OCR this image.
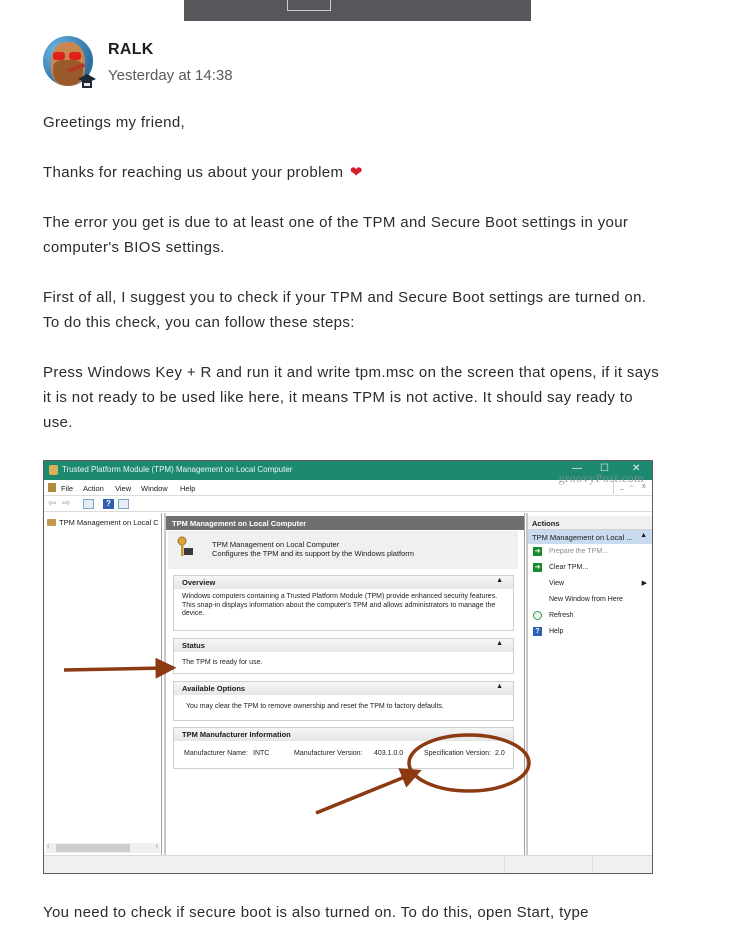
RALK
Yesterday at 14:38
Greetings my friend,
Thanks for reaching us about your problem ❤
The error you get is due to at least one of the TPM and Secure Boot settings in your computer's BIOS settings.
First of all, I suggest you to check if your TPM and Secure Boot settings are turned on. To do this check, you can follow these steps:
Press Windows Key + R and run it and write tpm.msc on the screen that opens, if it says it is not ready to be used like here, it means TPM is not active. It should say ready to use.
Trusted Platform Module (TPM) Management on Local Computer	— ☐ ✕
File Action View Window Help
groovyPost.com
_ ▫ x
⇦ ⇨	?
TPM Management on Local C
‹	›
TPM Management on Local Computer
TPM Management on Local Computer
Configures the TPM and its support by the Windows platform
Overview	▲
Windows computers containing a Trusted Platform Module (TPM) provide enhanced security features. This snap-in displays information about the computer's TPM and allows administrators to manage the device.
Status	▲
The TPM is ready for use.
Available Options	▲
You may clear the TPM to remove ownership and reset the TPM to factory defaults.
TPM Manufacturer Information
Manufacturer Name: INTC	Manufacturer Version: 403.1.0.0	Specification Version: 2.0
Actions
TPM Management on Local ... ▲
➔ Prepare the TPM...
➔ Clear TPM...
View	▶
New Window from Here
Refresh
?	Help
You need to check if secure boot is also turned on. To do this, open Start, type
